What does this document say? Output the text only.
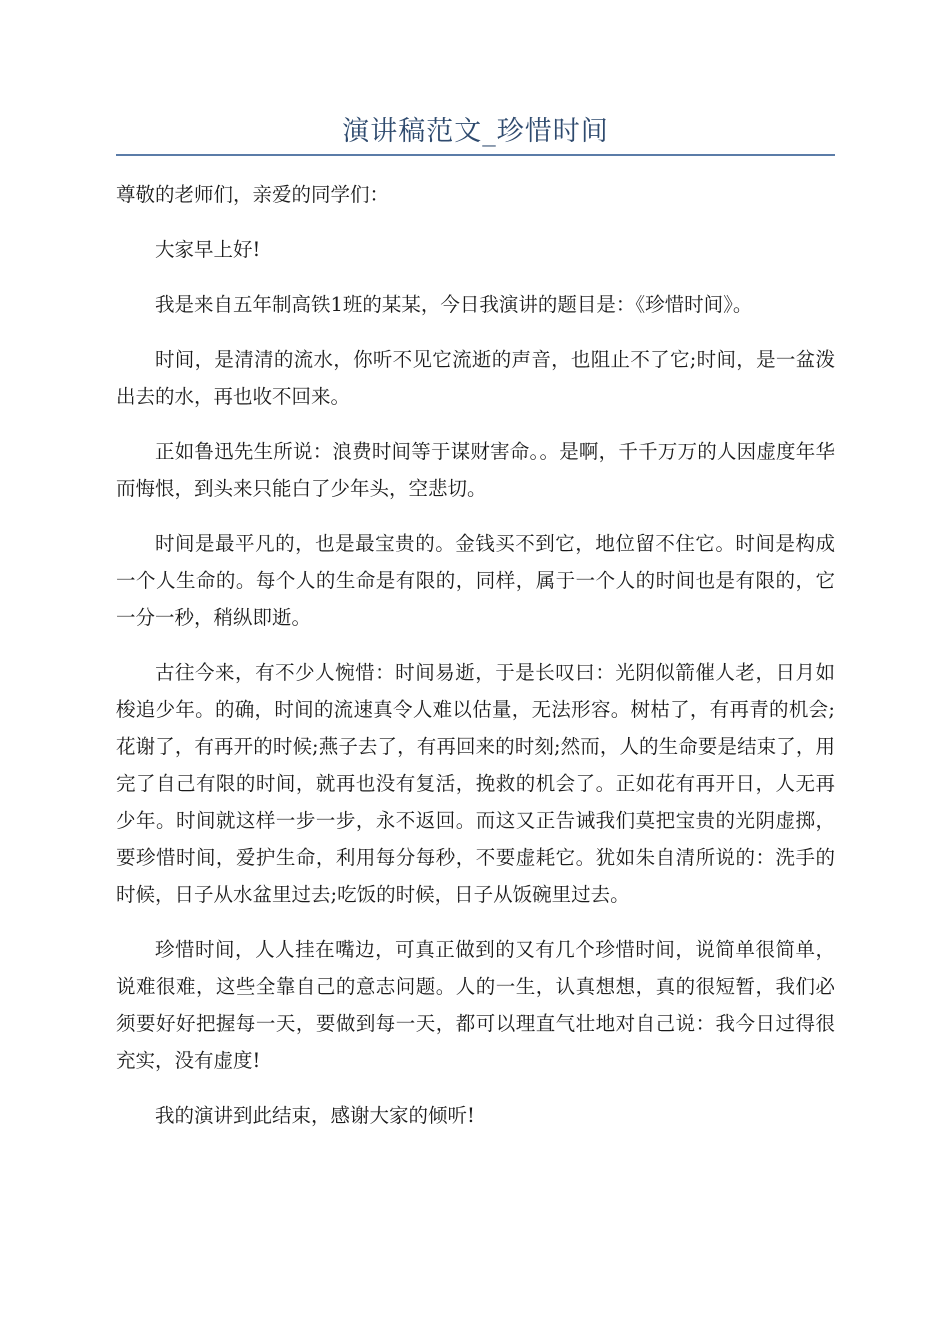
演讲稿范文_珍惜时间

尊敬的老师们，亲爱的同学们：

大家早上好!

我是来自五年制高铁1班的某某，今日我演讲的题目是：《珍惜时间》。

时间，是清清的流水，你听不见它流逝的声音，也阻止不了它;时间，是一盆泼出去的水，再也收不回来。

正如鲁迅先生所说：浪费时间等于谋财害命。。是啊，千千万万的人因虚度年华而悔恨，到头来只能白了少年头，空悲切。

时间是最平凡的，也是最宝贵的。金钱买不到它，地位留不住它。时间是构成一个人生命的。每个人的生命是有限的，同样，属于一个人的时间也是有限的，它一分一秒，稍纵即逝。

古往今来，有不少人惋惜：时间易逝，于是长叹曰：光阴似箭催人老，日月如梭追少年。的确，时间的流速真令人难以估量，无法形容。树枯了，有再青的机会;花谢了，有再开的时候;燕子去了，有再回来的时刻;然而，人的生命要是结束了，用完了自己有限的时间，就再也没有复活，挽救的机会了。正如花有再开日，人无再少年。时间就这样一步一步，永不返回。而这又正告诫我们莫把宝贵的光阴虚掷，要珍惜时间，爱护生命，利用每分每秒，不要虚耗它。犹如朱自清所说的：洗手的时候，日子从水盆里过去;吃饭的时候，日子从饭碗里过去。

珍惜时间，人人挂在嘴边，可真正做到的又有几个珍惜时间，说简单很简单，说难很难，这些全靠自己的意志问题。人的一生，认真想想，真的很短暂，我们必须要好好把握每一天，要做到每一天，都可以理直气壮地对自己说：我今日过得很充实，没有虚度!

我的演讲到此结束，感谢大家的倾听!
